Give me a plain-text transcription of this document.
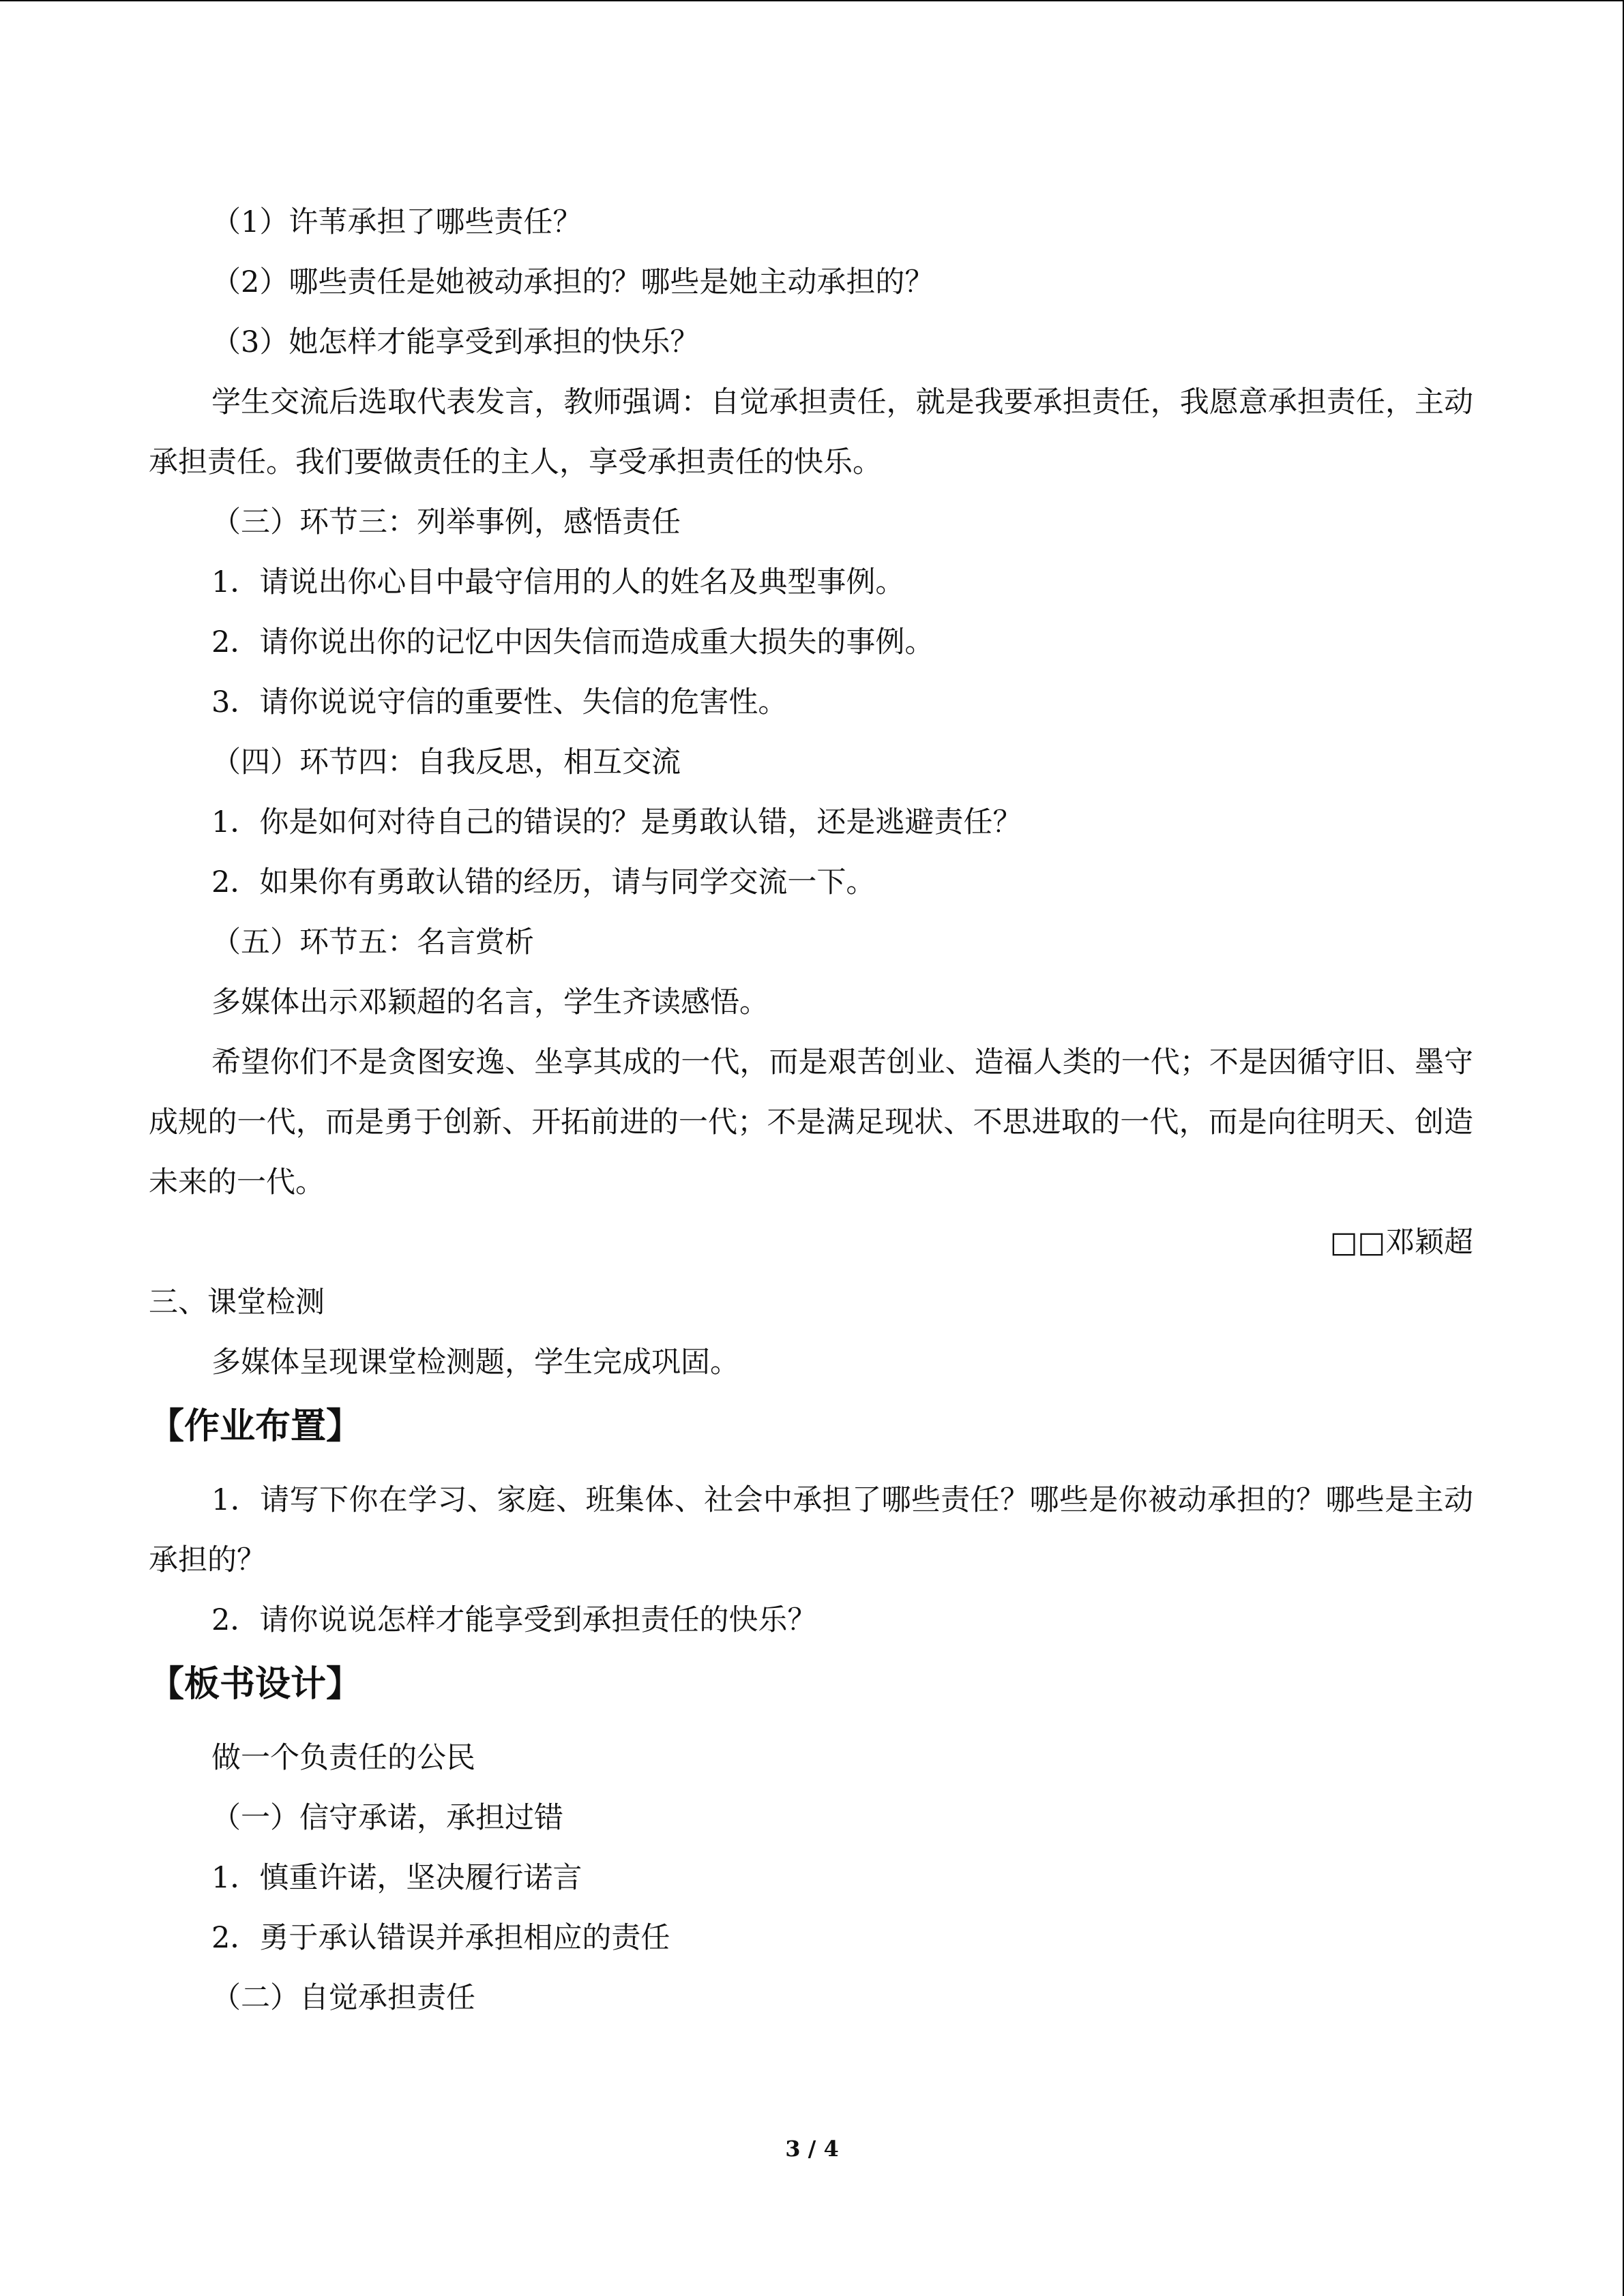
（1）许苇承担了哪些责任？

（2）哪些责任是她被动承担的？哪些是她主动承担的？

（3）她怎样才能享受到承担的快乐？

学生交流后选取代表发言，教师强调：自觉承担责任，就是我要承担责任，我愿意承担责任，主动承担责任。我们要做责任的主人，享受承担责任的快乐。

（三）环节三：列举事例，感悟责任

1．请说出你心目中最守信用的人的姓名及典型事例。

2．请你说出你的记忆中因失信而造成重大损失的事例。

3．请你说说守信的重要性、失信的危害性。

（四）环节四：自我反思，相互交流

1．你是如何对待自己的错误的？是勇敢认错，还是逃避责任？

2．如果你有勇敢认错的经历，请与同学交流一下。

（五）环节五：名言赏析

多媒体出示邓颖超的名言，学生齐读感悟。

希望你们不是贪图安逸、坐享其成的一代，而是艰苦创业、造福人类的一代；不是因循守旧、墨守成规的一代，而是勇于创新、开拓前进的一代；不是满足现状、不思进取的一代，而是向往明天、创造未来的一代。

□□邓颖超

三、课堂检测

多媒体呈现课堂检测题，学生完成巩固。

【作业布置】

1．请写下你在学习、家庭、班集体、社会中承担了哪些责任？哪些是你被动承担的？哪些是主动承担的？

2．请你说说怎样才能享受到承担责任的快乐？

【板书设计】

做一个负责任的公民

（一）信守承诺，承担过错

1．慎重许诺，坚决履行诺言

2．勇于承认错误并承担相应的责任

（二）自觉承担责任

3 / 4
